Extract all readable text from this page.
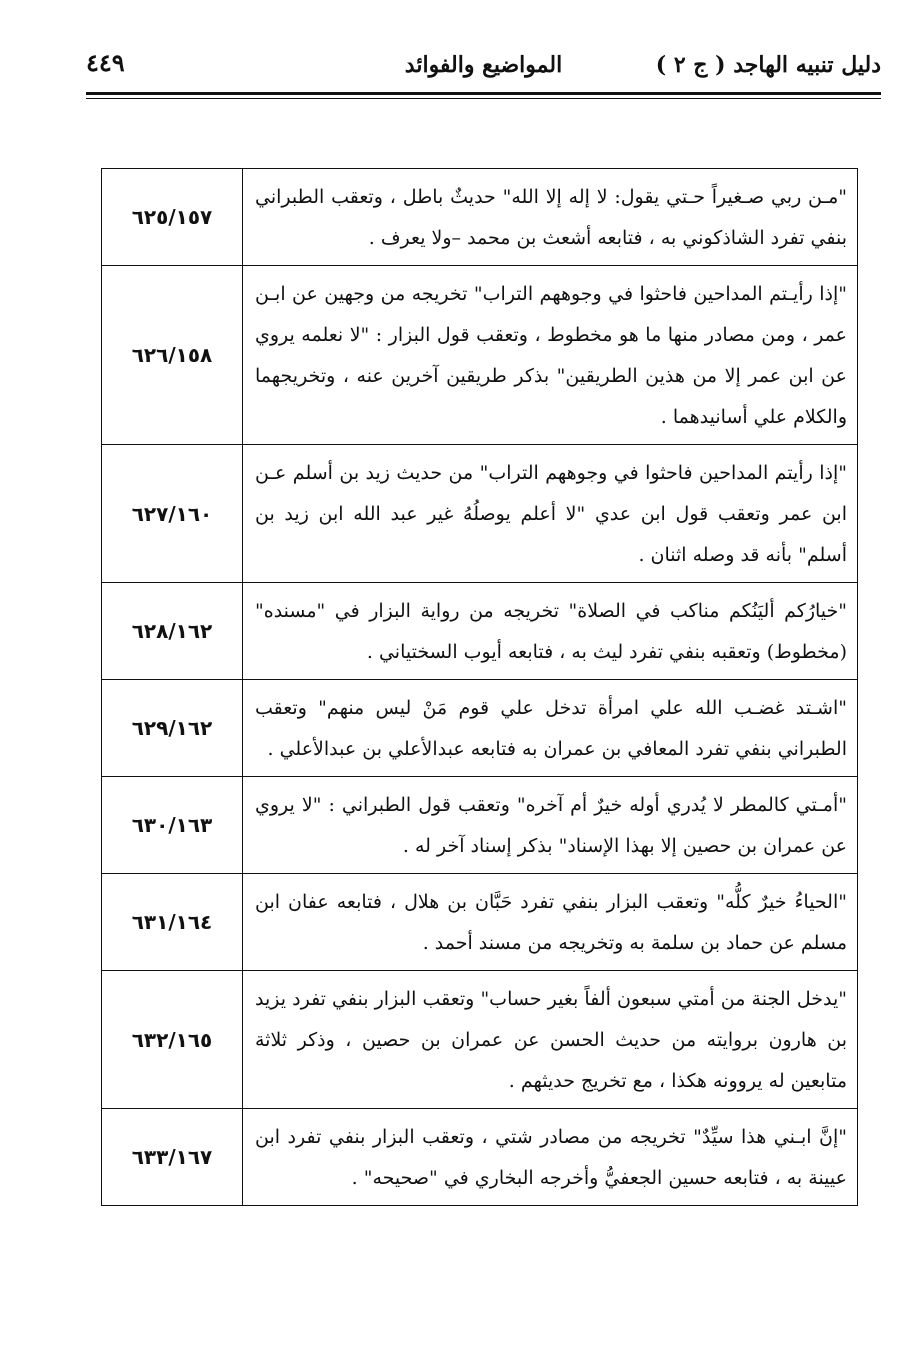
دليل تنبيه الهاجد ( ج ٢ )
المواضيع والفوائد
٤٤٩
"مـن ربي صـغيراً حـتي يقول: لا إله إلا الله" حديثٌ باطل ، وتعقب الطبراني بنفي تفرد الشاذكوني به ، فتابعه أشعث بن محمد –ولا يعرف .
٦٢٥/١٥٧
"إذا رأيـتم المداحين فاحثوا في وجوههم التراب" تخريجه من وجهين عن ابـن عمر ، ومن مصادر منها ما هو مخطوط ، وتعقب قول البزار : "لا نعلمه يروي عن ابن عمر إلا من هذين الطريقين" بذكر طريقين آخرين عنه ، وتخريجهما والكلام علي أسانيدهما .
٦٢٦/١٥٨
"إذا رأيتم المداحين فاحثوا في وجوههم التراب" من حديث زيد بن أسلم عـن ابن عمر وتعقب قول ابن عدي "لا أعلم يوصلُهُ غير عبد الله ابن زيد بن أسلم" بأنه قد وصله اثنان .
٦٢٧/١٦٠
"خيارُكم أليَنُكم مناكب في الصلاة" تخريجه من رواية البزار في "مسنده" (مخطوط) وتعقبه بنفي تفرد ليث به ، فتابعه أيوب السختياني .
٦٢٨/١٦٢
"اشـتد غضـب الله علي امرأة تدخل علي قوم مَنْ ليس منهم" وتعقب الطبراني بنفي تفرد المعافي بن عمران به فتابعه عبدالأعلي بن عبدالأعلي .
٦٢٩/١٦٢
"أمـتي كالمطر لا يُدري أوله خيرٌ أم آخره" وتعقب قول الطبراني : "لا يروي عن عمران بن حصين إلا بهذا الإسناد" بذكر إسناد آخر له .
٦٣٠/١٦٣
"الحياءُ خيرٌ كلُّه" وتعقب البزار بنفي تفرد حَبَّان بن هلال ، فتابعه عفان ابن مسلم عن حماد بن سلمة به وتخريجه من مسند أحمد .
٦٣١/١٦٤
"يدخل الجنة من أمتي سبعون ألفاً بغير حساب" وتعقب البزار بنفي تفرد يزيد بن هارون بروايته من حديث الحسن عن عمران بن حصين ، وذكر ثلاثة متابعين له يروونه هكذا ، مع تخريج حديثهم .
٦٣٢/١٦٥
"إنَّ ابـني هذا سيِّدٌ" تخريجه من مصادر شتي ، وتعقب البزار بنفي تفرد ابن عيينة به ، فتابعه حسين الجعفيُّ وأخرجه البخاري في "صحيحه" .
٦٣٣/١٦٧
